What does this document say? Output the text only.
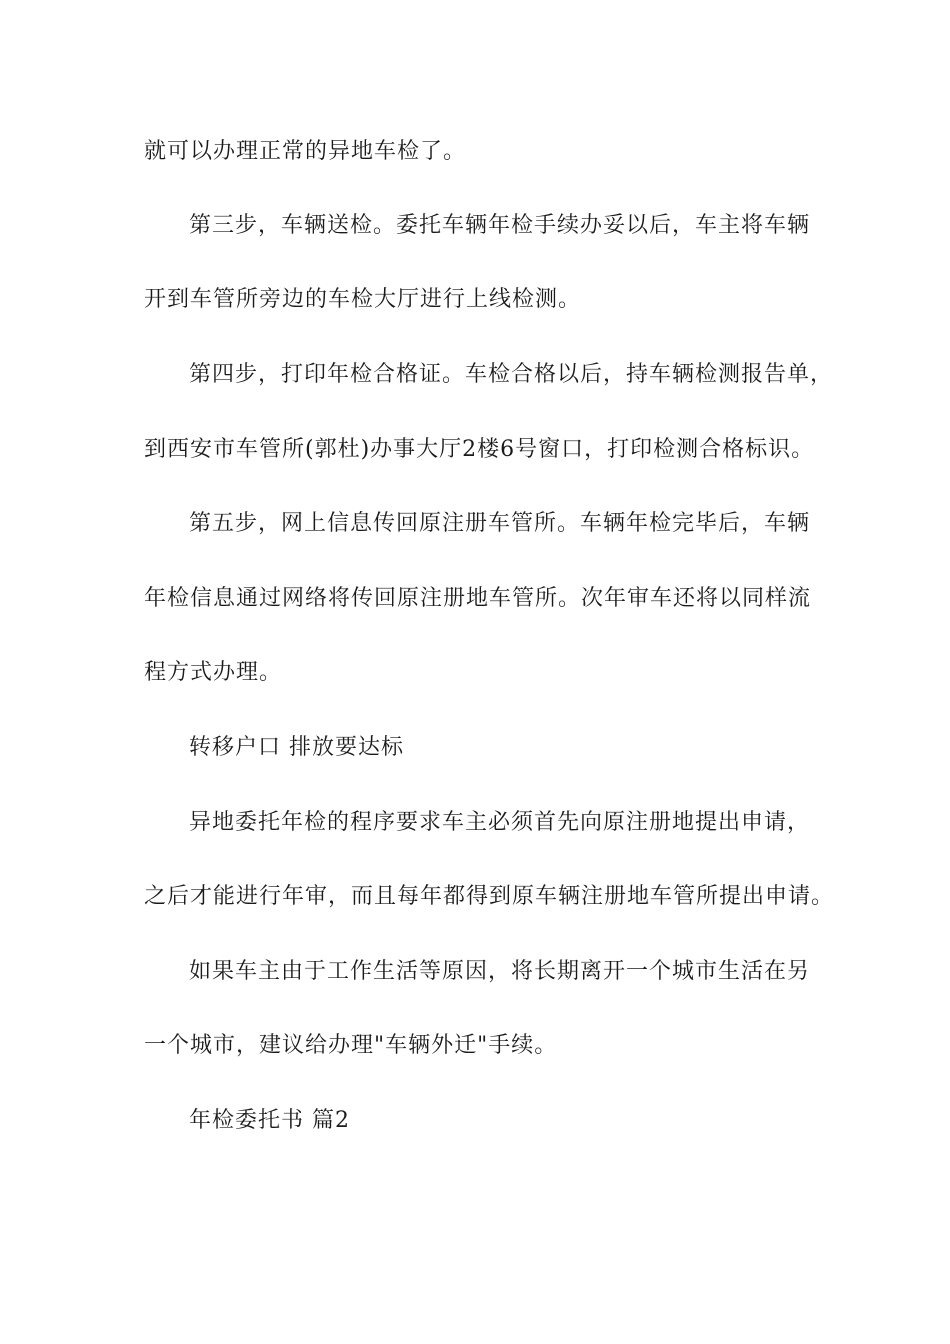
就可以办理正常的异地车检了。
第三步，车辆送检。委托车辆年检手续办妥以后，车主将车辆
开到车管所旁边的车检大厅进行上线检测。
第四步，打印年检合格证。车检合格以后，持车辆检测报告单，
到西安市车管所(郭杜)办事大厅2楼6号窗口，打印检测合格标识。
第五步，网上信息传回原注册车管所。车辆年检完毕后，车辆
年检信息通过网络将传回原注册地车管所。次年审车还将以同样流
程方式办理。
转移户口 排放要达标
异地委托年检的程序要求车主必须首先向原注册地提出申请，
之后才能进行年审，而且每年都得到原车辆注册地车管所提出申请。
如果车主由于工作生活等原因，将长期离开一个城市生活在另
一个城市，建议给办理"车辆外迁"手续。
年检委托书 篇2
